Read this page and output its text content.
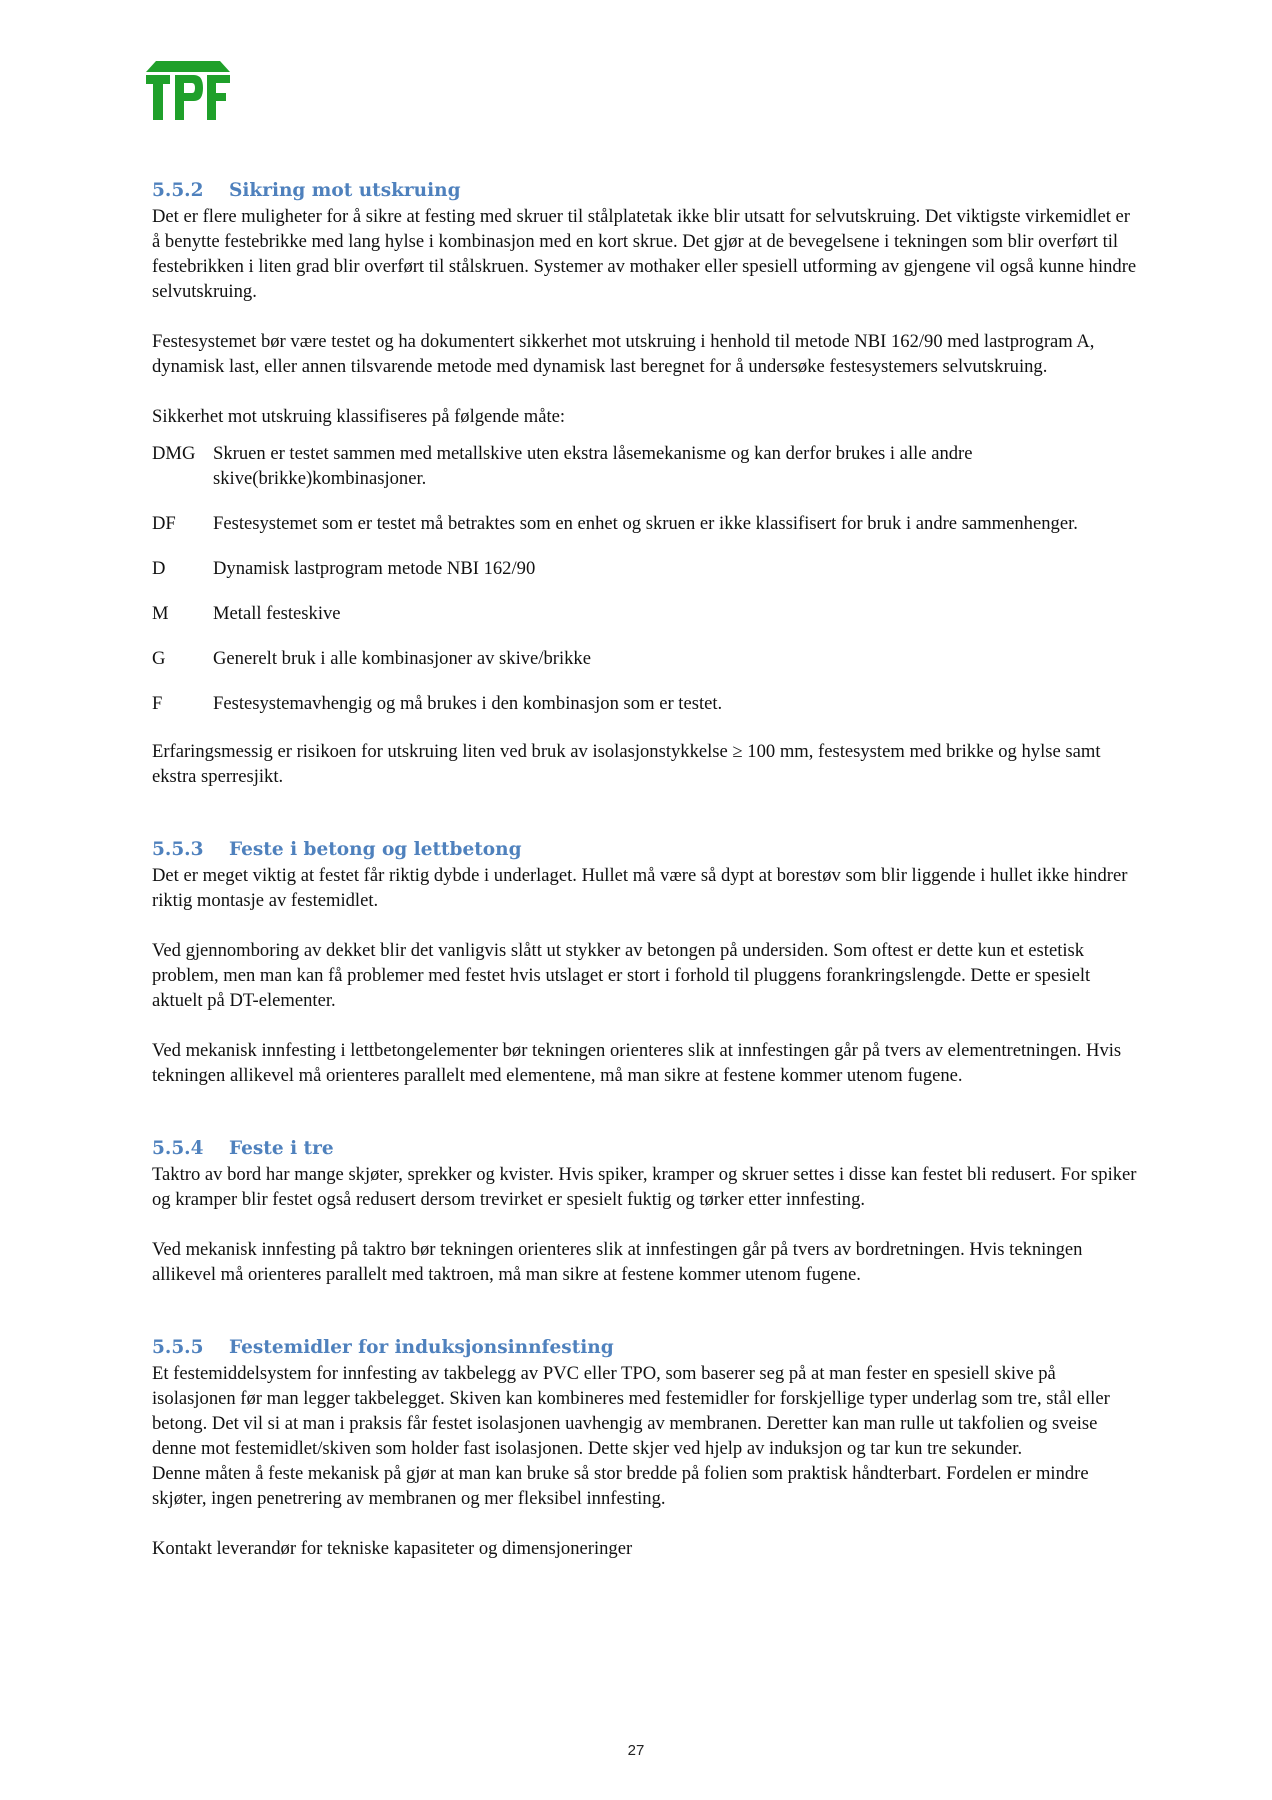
5.5.2	Sikring mot utskruing

Det er flere muligheter for å sikre at festing med skruer til stålplatetak ikke blir utsatt for selvutskruing. Det viktigste virkemidlet er å benytte festebrikke med lang hylse i kombinasjon med en kort skrue. Det gjør at de bevegelsene i tekningen som blir overført til festebrikken i liten grad blir overført til stålskruen. Systemer av mothaker eller spesiell utforming av gjengene vil også kunne hindre selvutskruing.

Festesystemet bør være testet og ha dokumentert sikkerhet mot utskruing i henhold til metode NBI 162/90 med lastprogram A, dynamisk last, eller annen tilsvarende metode med dynamisk last beregnet for å undersøke festesystemers selvutskruing.

Sikkerhet mot utskruing klassifiseres på følgende måte:

DMG Skruen er testet sammen med metallskive uten ekstra låsemekanisme og kan derfor brukes i alle andre skive(brikke)kombinasjoner.
DF	Festesystemet som er testet må betraktes som en enhet og skruen er ikke klassifisert for bruk i andre sammenhenger.
D	Dynamisk lastprogram metode NBI 162/90
M	Metall festeskive
G	Generelt bruk i alle kombinasjoner av skive/brikke
F	Festesystemavhengig og må brukes i den kombinasjon som er testet.

Erfaringsmessig er risikoen for utskruing liten ved bruk av isolasjonstykkelse ≥ 100 mm, festesystem med brikke og hylse samt ekstra sperresjikt.

5.5.3	Feste i betong og lettbetong

Det er meget viktig at festet får riktig dybde i underlaget. Hullet må være så dypt at borestøv som blir liggende i hullet ikke hindrer riktig montasje av festemidlet.

Ved gjennomboring av dekket blir det vanligvis slått ut stykker av betongen på undersiden. Som oftest er dette kun et estetisk problem, men man kan få problemer med festet hvis utslaget er stort i forhold til pluggens forankringslengde. Dette er spesielt aktuelt på DT-elementer.

Ved mekanisk innfesting i lettbetongelementer bør tekningen orienteres slik at innfestingen går på tvers av elementretningen. Hvis tekningen allikevel må orienteres parallelt med elementene, må man sikre at festene kommer utenom fugene.

5.5.4	Feste i tre

Taktro av bord har mange skjøter, sprekker og kvister. Hvis spiker, kramper og skruer settes i disse kan festet bli redusert. For spiker og kramper blir festet også redusert dersom trevirket er spesielt fuktig og tørker etter innfesting.

Ved mekanisk innfesting på taktro bør tekningen orienteres slik at innfestingen går på tvers av bordretningen. Hvis tekningen allikevel må orienteres parallelt med taktroen, må man sikre at festene kommer utenom fugene.

5.5.5	Festemidler for induksjonsinnfesting

Et festemiddelsystem for innfesting av takbelegg av PVC eller TPO, som baserer seg på at man fester en spesiell skive på isolasjonen før man legger takbelegget. Skiven kan kombineres med festemidler for forskjellige typer underlag som tre, stål eller betong. Det vil si at man i praksis får festet isolasjonen uavhengig av membranen. Deretter kan man rulle ut takfolien og sveise denne mot festemidlet/skiven som holder fast isolasjonen. Dette skjer ved hjelp av induksjon og tar kun tre sekunder.

Denne måten å feste mekanisk på gjør at man kan bruke så stor bredde på folien som praktisk håndterbart. Fordelen er mindre skjøter, ingen penetrering av membranen og mer fleksibel innfesting.

Kontakt leverandør for tekniske kapasiteter og dimensjoneringer

27
